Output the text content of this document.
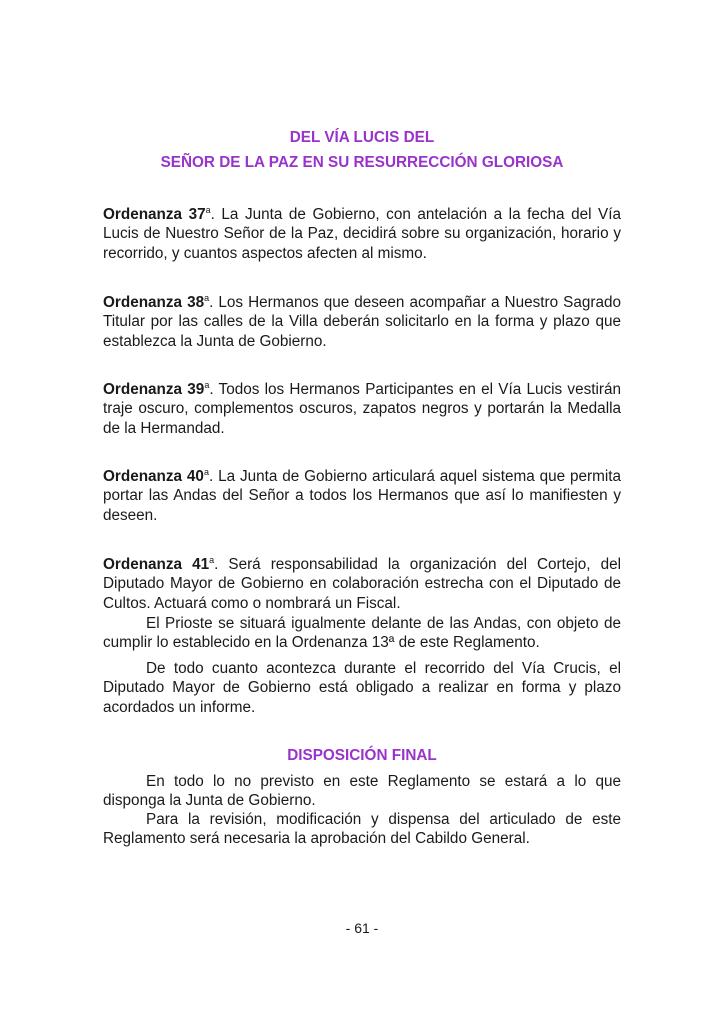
DEL VÍA LUCIS DEL

SEÑOR DE LA PAZ EN SU RESURRECCIÓN GLORIOSA

Ordenanza 37$^a$. La Junta de Gobierno, con antelación a la fecha del Vía Lucis de Nuestro Señor de la Paz, decidirá sobre su organización, horario y recorrido, y cuantos aspectos afecten al mismo.

Ordenanza 38$^a$. Los Hermanos que deseen acompañar a Nuestro Sagrado Titular por las calles de la Villa deberán solicitarlo en la forma y plazo que establezca la Junta de Gobierno.

Ordenanza 39$^a$. Todos los Hermanos Participantes en el Vía Lucis vestirán traje oscuro, complementos oscuros, zapatos negros y portarán la Medalla de la Hermandad.

Ordenanza 40$^a$. La Junta de Gobierno articulará aquel sistema que permita portar las Andas del Señor a todos los Hermanos que así lo manifiesten y deseen.

Ordenanza 41$^a$. Será responsabilidad la organización del Cortejo, del Diputado Mayor de Gobierno en colaboración estrecha con el Diputado de Cultos. Actuará como o nombrará un Fiscal.

El Prioste se situará igualmente delante de las Andas, con objeto de cumplir lo establecido en la Ordenanza 13ª de este Reglamento.

De todo cuanto acontezca durante el recorrido del Vía Crucis, el Diputado Mayor de Gobierno está obligado a realizar en forma y plazo acordados un informe.

DISPOSICIÓN FINAL

En todo lo no previsto en este Reglamento se estará a lo que disponga la Junta de Gobierno.

Para la revisión, modificación y dispensa del articulado de este Reglamento será necesaria la aprobación del Cabildo General.

- 61 -
